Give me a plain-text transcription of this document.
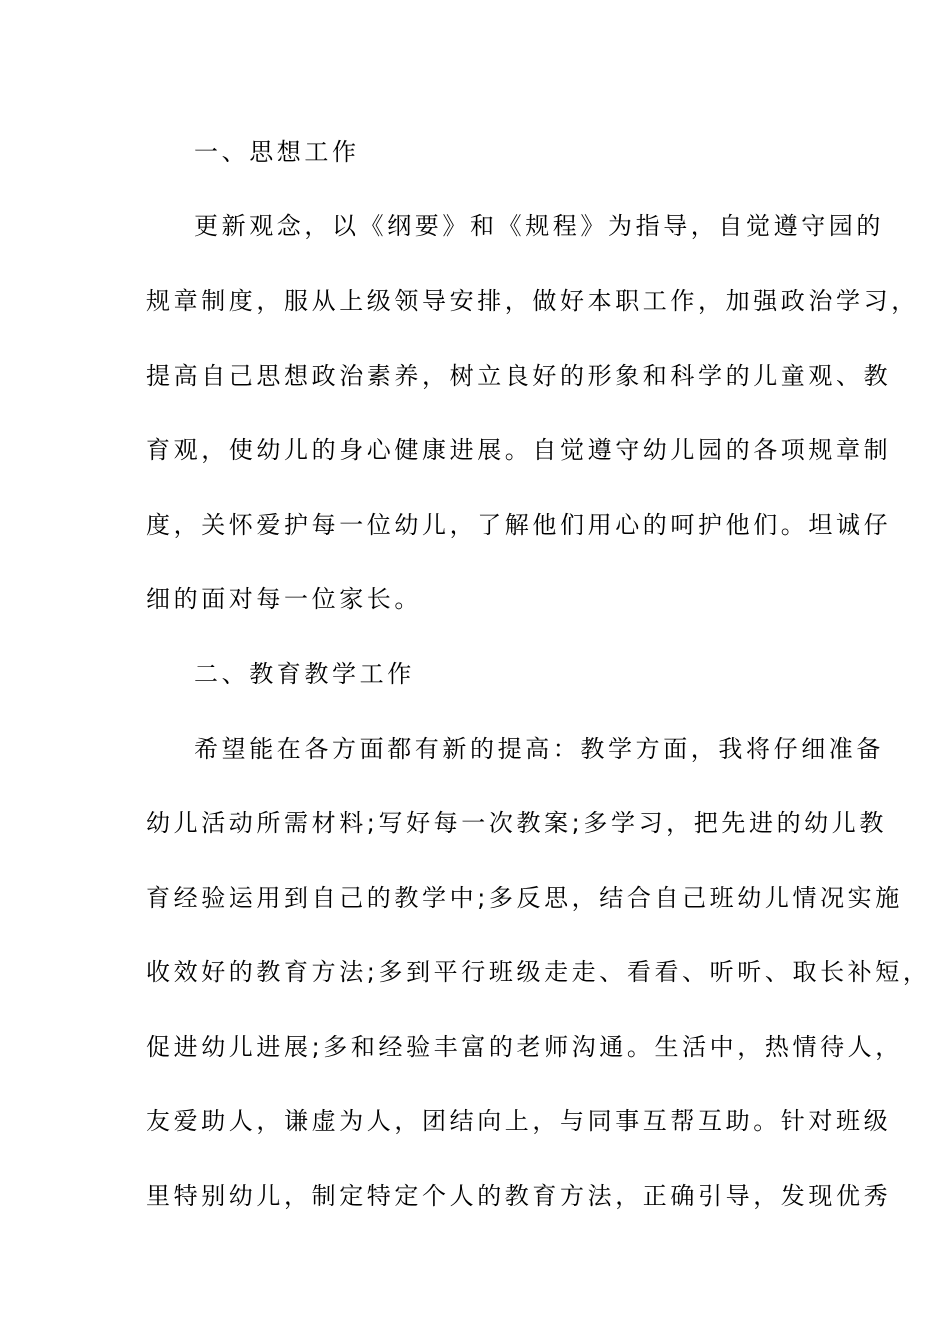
一、思想工作

更新观念，以《纲要》和《规程》为指导，自觉遵守园的

规章制度，服从上级领导安排，做好本职工作，加强政治学习，

提高自己思想政治素养，树立良好的形象和科学的儿童观、教

育观，使幼儿的身心健康进展。自觉遵守幼儿园的各项规章制

度，关怀爱护每一位幼儿，了解他们用心的呵护他们。坦诚仔

细的面对每一位家长。

二、教育教学工作

希望能在各方面都有新的提高：教学方面，我将仔细准备

幼儿活动所需材料;写好每一次教案;多学习，把先进的幼儿教

育经验运用到自己的教学中;多反思，结合自己班幼儿情况实施

收效好的教育方法;多到平行班级走走、看看、听听、取长补短，

促进幼儿进展;多和经验丰富的老师沟通。生活中，热情待人，

友爱助人，谦虚为人，团结向上，与同事互帮互助。针对班级

里特别幼儿，制定特定个人的教育方法，正确引导，发现优秀
